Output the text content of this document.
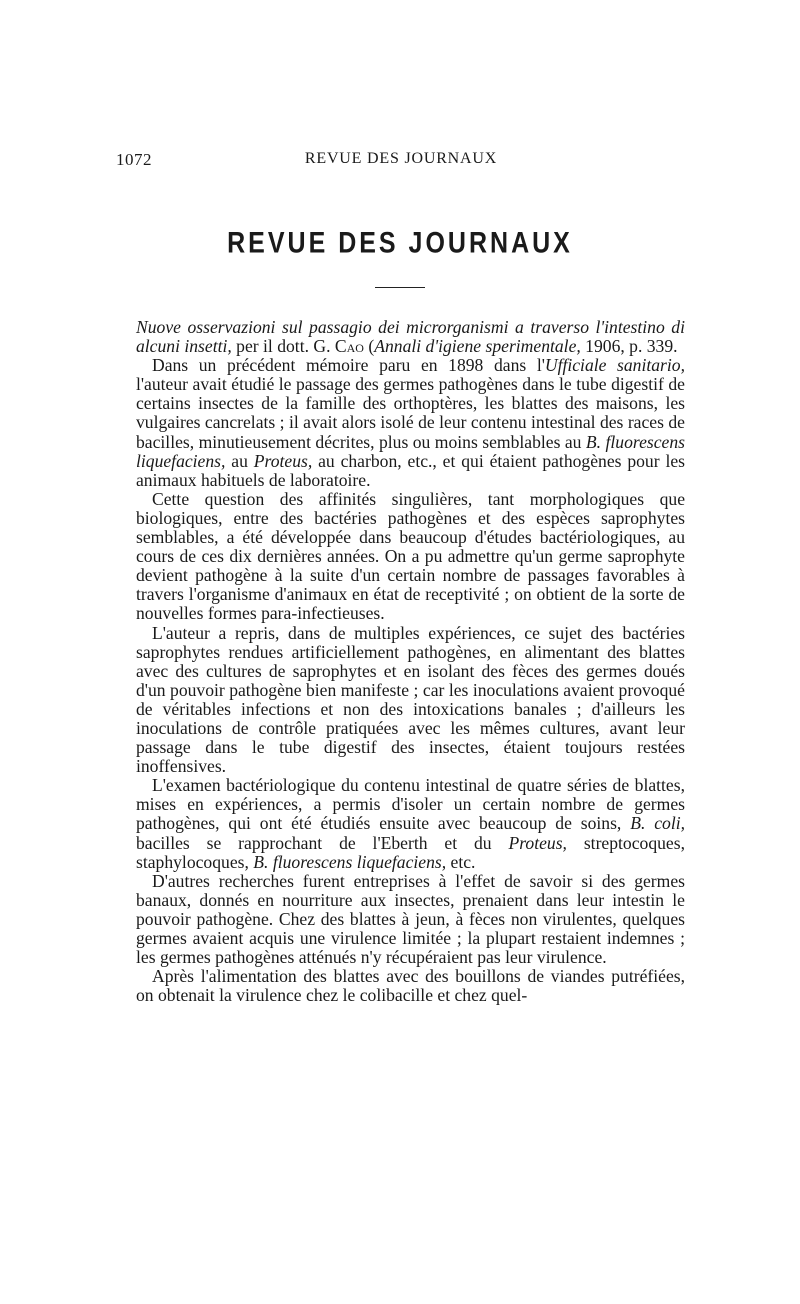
1072	REVUE DES JOURNAUX
REVUE DES JOURNAUX

Nuove osservazioni sul passagio dei microrganismi a traverso l'intestino di alcuni insetti, per il dott. G. Cao (Annali d'igiene sperimentale, 1906, p. 339.

Dans un précédent mémoire paru en 1898 dans l'Ufficiale sanitario, l'auteur avait étudié le passage des germes pathogènes dans le tube digestif de certains insectes de la famille des orthoptères, les blattes des maisons, les vulgaires cancrelats ; il avait alors isolé de leur contenu intestinal des races de bacilles, minutieusement décrites, plus ou moins semblables au B. fluorescens liquefaciens, au Proteus, au charbon, etc., et qui étaient pathogènes pour les animaux habituels de laboratoire.

Cette question des affinités singulières, tant morphologiques que biologiques, entre des bactéries pathogènes et des espèces saprophytes semblables, a été développée dans beaucoup d'études bactériologiques, au cours de ces dix dernières années. On a pu admettre qu'un germe saprophyte devient pathogène à la suite d'un certain nombre de passages favorables à travers l'organisme d'animaux en état de receptivité ; on obtient de la sorte de nouvelles formes para-infectieuses.

L'auteur a repris, dans de multiples expériences, ce sujet des bactéries saprophytes rendues artificiellement pathogènes, en alimentant des blattes avec des cultures de saprophytes et en isolant des fèces des germes doués d'un pouvoir pathogène bien manifeste ; car les inoculations avaient provoqué de véritables infections et non des intoxications banales ; d'ailleurs les inoculations de contrôle pratiquées avec les mêmes cultures, avant leur passage dans le tube digestif des insectes, étaient toujours restées inoffensives.

L'examen bactériologique du contenu intestinal de quatre séries de blattes, mises en expériences, a permis d'isoler un certain nombre de germes pathogènes, qui ont été étudiés ensuite avec beaucoup de soins, B. coli, bacilles se rapprochant de l'Eberth et du Proteus, streptocoques, staphylocoques, B. fluorescens liquefaciens, etc.

D'autres recherches furent entreprises à l'effet de savoir si des germes banaux, donnés en nourriture aux insectes, prenaient dans leur intestin le pouvoir pathogène. Chez des blattes à jeun, à fèces non virulentes, quelques germes avaient acquis une virulence limitée ; la plupart restaient indemnes ; les germes pathogènes atténués n'y récupéraient pas leur virulence.

Après l'alimentation des blattes avec des bouillons de viandes putréfiées, on obtenait la virulence chez le colibacille et chez quel-
